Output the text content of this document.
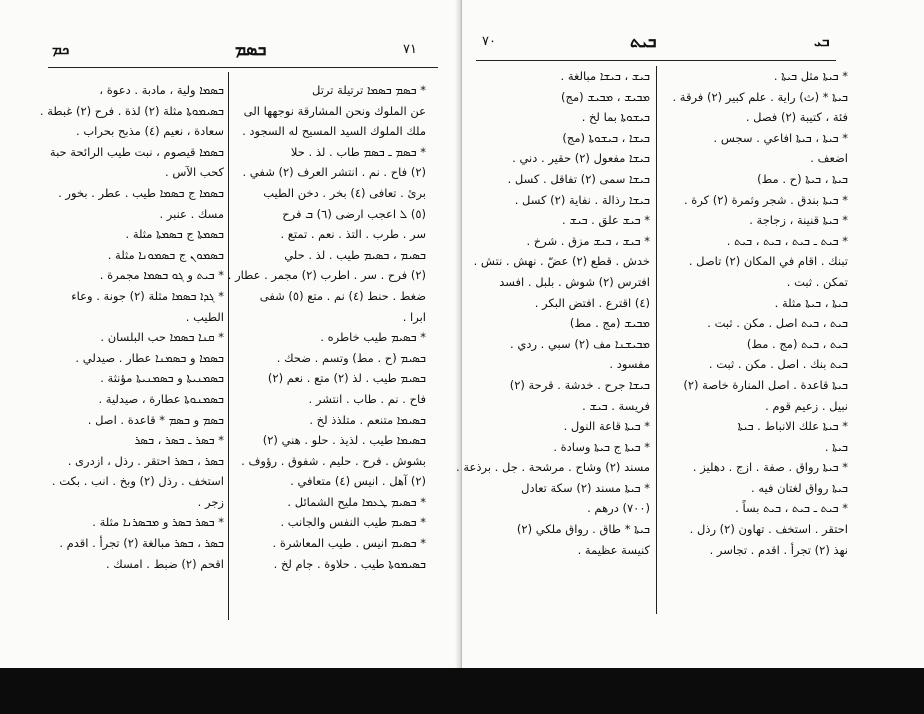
ܟܡ	ܒܣܡ	٧١
ܒܣܡܐ ولية ، مادبة . دعوة ،
ܒܣܝܡܘܬܐ مثلة (٢) لذة . فرح (٢) غبطة .
سعادة ، نعيم (٤) مذبح بحراب .
ܒܣܡܐ قيصوم ، نبت طيب الرائحة حبة
كحب الآس .
ܒܣܡܐ ج ܒܣܡܐ طيب . عطر . بخور .
مسك . عنبر .
ܒܣܡܬܐ ج ܒܣܡܬܐ مثلة .
ܒܣܡܘܢ ج ܒܣܡܘܢܐ مثلة .
* ܒܝܬ و ܓܘ ܒܣܡܐ مجمرة .
* ܓܕܐ ܒܣܡܐ مثلة (٢) جونة . وعاء
الطيب .
* ܩܢܐ ܒܣܡܐ حب البلسان .
ܒܣܡܐ و ܒܣܡܢܐ عطار . صيدلي .
ܒܣܡܢܝܬܐ و ܒܣܡܢܝܬܐ مؤنثة .
ܒܣܡܢܘܬܐ عطارة ، صيدلية .
ܒܣܡ و ܒܣܡ * قاعدة . اصل .
* ܒܣܪ ـ ܒܣܪ ، ܒܣܪ
ܒܣܪ ، ܒܣܪ احتقر . رذل ، ازدرى .
استخف . رذل (٢) وبخ . انب . بكت .
زجر .
* ܒܣܪ ܒܣܪ و ܡܒܣܪܢܐ مثلة .
ܒܣܪ ، ܒܣܪ مبالغة (٢) تجرأ . اقدم .
اقحم (٢) ضبط . امسك .
* ܒܣܡ ܒܣܡܐ ترتيلة ترتل
عن الملوك ونحن المشارقة نوجهها الى
ملك الملوك السيد المسيح له السجود .
* ܒܣܡ ـ ܒܣܡ طاب . لذ . حلا
(٢) فاح . نم . انتشر العرف (٢) شفي .
برئ . تعافى (٤) بخر . دخن الطيب
(٥) ܠ اعجب ارضى (٦) ܒ فرح
سر . طرب . التذ . نعم . تمتع .
ܒܣܝܡ ، ܒܣܝܡ طيب . لذ . حلي
(٢) فرح . سر . اطرب (٢) مجمر . عطار .
ضغط . حنط (٤) نم . متع (٥) شفى
ابرا .
* ܒܣܝܡ طيب خاطره .
ܒܣܝܡ (ح . مط) وتسم . ضحك .
ܒܣܝܡ طيب . لذ (٢) متع . نعم (٢)
فاح . نم . طاب . انتشر .
ܒܣܝܡܐ متنعم . متلذذ لخ .
ܒܣܝܡܐ طيب . لذيذ . حلو . هني (٢)
بشوش . فرح . حليم . شفوق . رؤوف .
(٢) آهل . انيس (٤) متعافي .
* ܒܣܝܡ ܛܥܡܐ مليح الشمائل .
* ܒܣܝܡ طيب النفس والجانب .
* ܒܣܝܡ انيس . طيب المعاشرة .
ܒܣܝܡܘܬܐ طيب . حلاوة . جام لخ .
٧٠	ܒܝܬ	ܒܝ
ܒܝܫ ، ܒܝܫܐ مبالغة .
ܡܒܝܫ ، ܡܒܝܫ (مج)
ܒܝܫܘܬܐ بما لخ .
ܒܝܫܐ ، ܒܝܫܘܬܐ (مج)
ܒܝܫܐ مفعول (٢) حقير . دني .
ܒܝܫܐ سمى (٢) تفاقل . كسل .
ܒܝܫܐ رذالة . نفاية (٢) كسل .
* ܒܝܫ علق . ܒܝܫ .
* ܒܝܫ ، ܒܝܫ مزق . شرخ .
خدش . قطع (٢) عضّ . نهش . نتش .
افترس (٢) شوش . بلبل . افسد
(٤) اقترع . افتض البكر .
ܡܒܝܫ (مج . مط)
ܡܒܝܫܢܐ مف (٢) سبي . ردي .
مفسود .
ܒܝܫܐ جرح . خدشة . قرحة (٢)
فريسة . ܒܝܫ .
* ܒܝܬܐ قاعة النول .
* ܒܝܬܐ ج ܒܝܬܐ وسادة .
مسند (٢) وشاح . مرشحة . جل . برذعة .
* ܒܝܬܐ مسند (٢) سكة تعادل
(٧٠٠) درهم .
ܒܝܬܐ * طاق . رواق ملكي (٢)
كنيسة عظيمة .
* ܒܝܬܐ مثل ܒܝܬܐ .
ܒܝܬܐ * (ث) راية . علم كبير (٢) فرقة .
فئة ، كتيبة (٢) فصل .
* ܒܝܬܐ ، ܒܝܬܐ افاعي . سجس .
اضعف .
ܒܝܬܐ ، ܒܝܬܐ (ح . مط)
* ܒܝܬܐ بندق . شجر وثمرة (٢) كرة .
* ܒܝܬܐ قنينة ، زجاجة .
* ܒܝܬ ـ ܒܝܬ ، ܒܝܬ ، ܒܝܬ .
تبنك . اقام في المكان (٢) تاصل .
تمكن . ثبت .
ܒܝܬܐ ، ܒܝܬܐ مثلة .
ܒܝܬ ، ܒܝܬ اصل . مكن . ثبت .
ܒܝܬ ، ܒܝܬ (مج . مط)
ܒܝܬ بنك . اصل . مكن . ثبت .
ܒܝܬܐ قاعدة . اصل المنارة خاصة (٢)
نبيل . زعيم قوم .
* ܒܝܬܐ علك الانباط . ܒܝܬܐ
ܒܝܬܐ .
* ܒܝܬܐ رواق . صفة . ازج . دهليز .
ܒܝܬܐ رواق لغتان فيه .
* ܒܝܬ ـ ܒܝܬ ، ܒܝܬ بساً .
احتقر . استخف . تهاون (٢) رذل .
نهذ (٢) تجرأ . اقدم . تجاسر .
